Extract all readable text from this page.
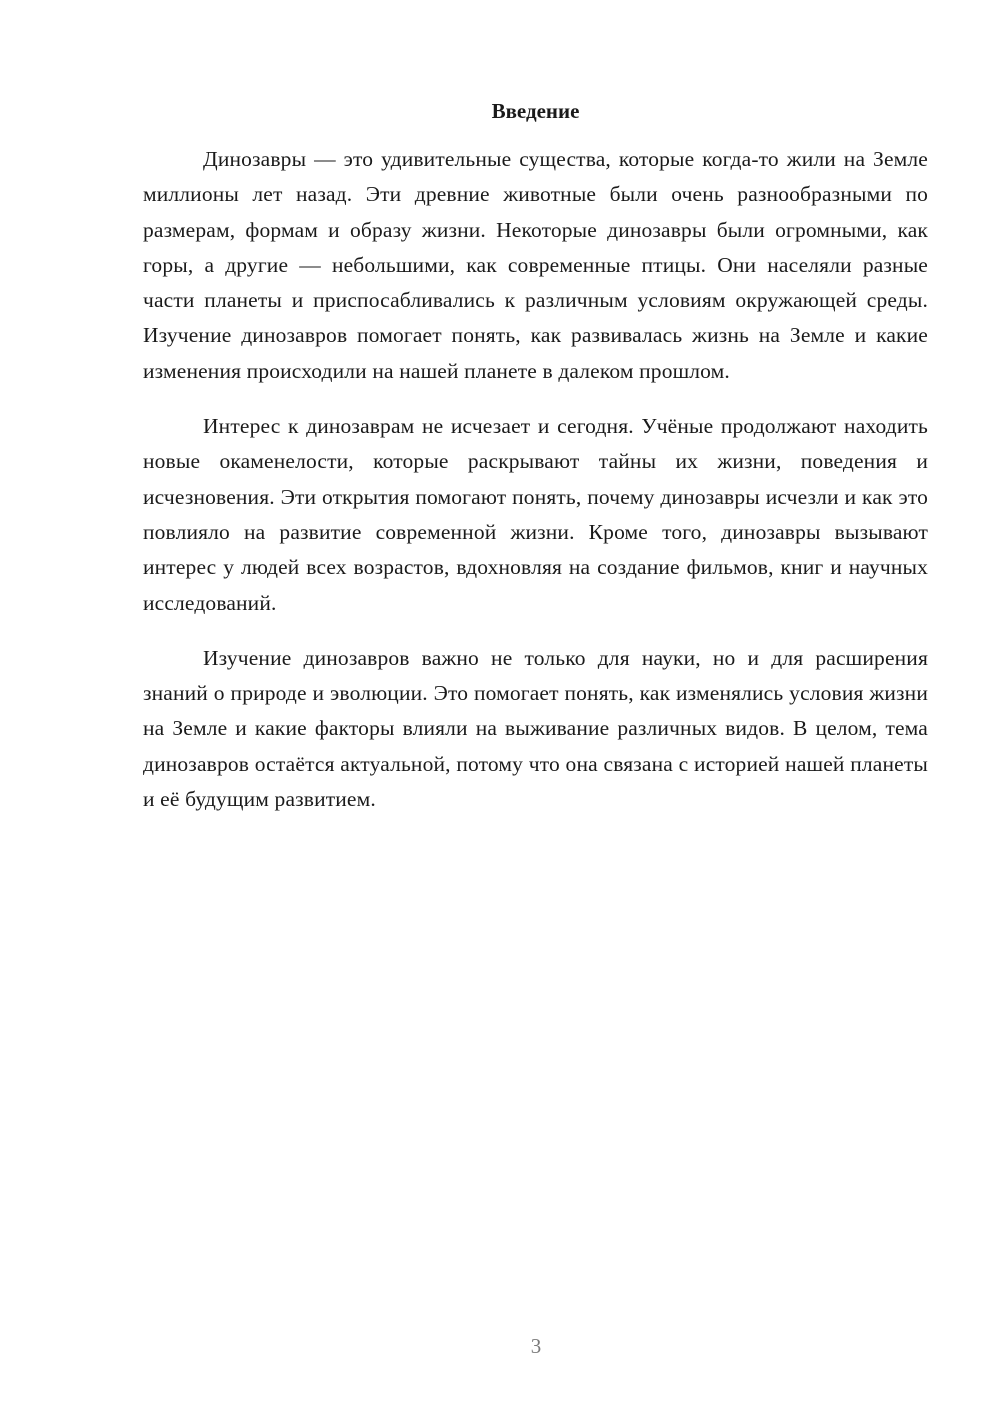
Введение

Динозавры — это удивительные существа, которые когда-то жили на Земле миллионы лет назад. Эти древние животные были очень разнообразными по размерам, формам и образу жизни. Некоторые динозавры были огромными, как горы, а другие — небольшими, как современные птицы. Они населяли разные части планеты и приспосабливались к различным условиям окружающей среды. Изучение динозавров помогает понять, как развивалась жизнь на Земле и какие изменения происходили на нашей планете в далеком прошлом.

Интерес к динозаврам не исчезает и сегодня. Учёные продолжают находить новые окаменелости, которые раскрывают тайны их жизни, поведения и исчезновения. Эти открытия помогают понять, почему динозавры исчезли и как это повлияло на развитие современной жизни. Кроме того, динозавры вызывают интерес у людей всех возрастов, вдохновляя на создание фильмов, книг и научных исследований.

Изучение динозавров важно не только для науки, но и для расширения знаний о природе и эволюции. Это помогает понять, как изменялись условия жизни на Земле и какие факторы влияли на выживание различных видов. В целом, тема динозавров остаётся актуальной, потому что она связана с историей нашей планеты и её будущим развитием.

3
